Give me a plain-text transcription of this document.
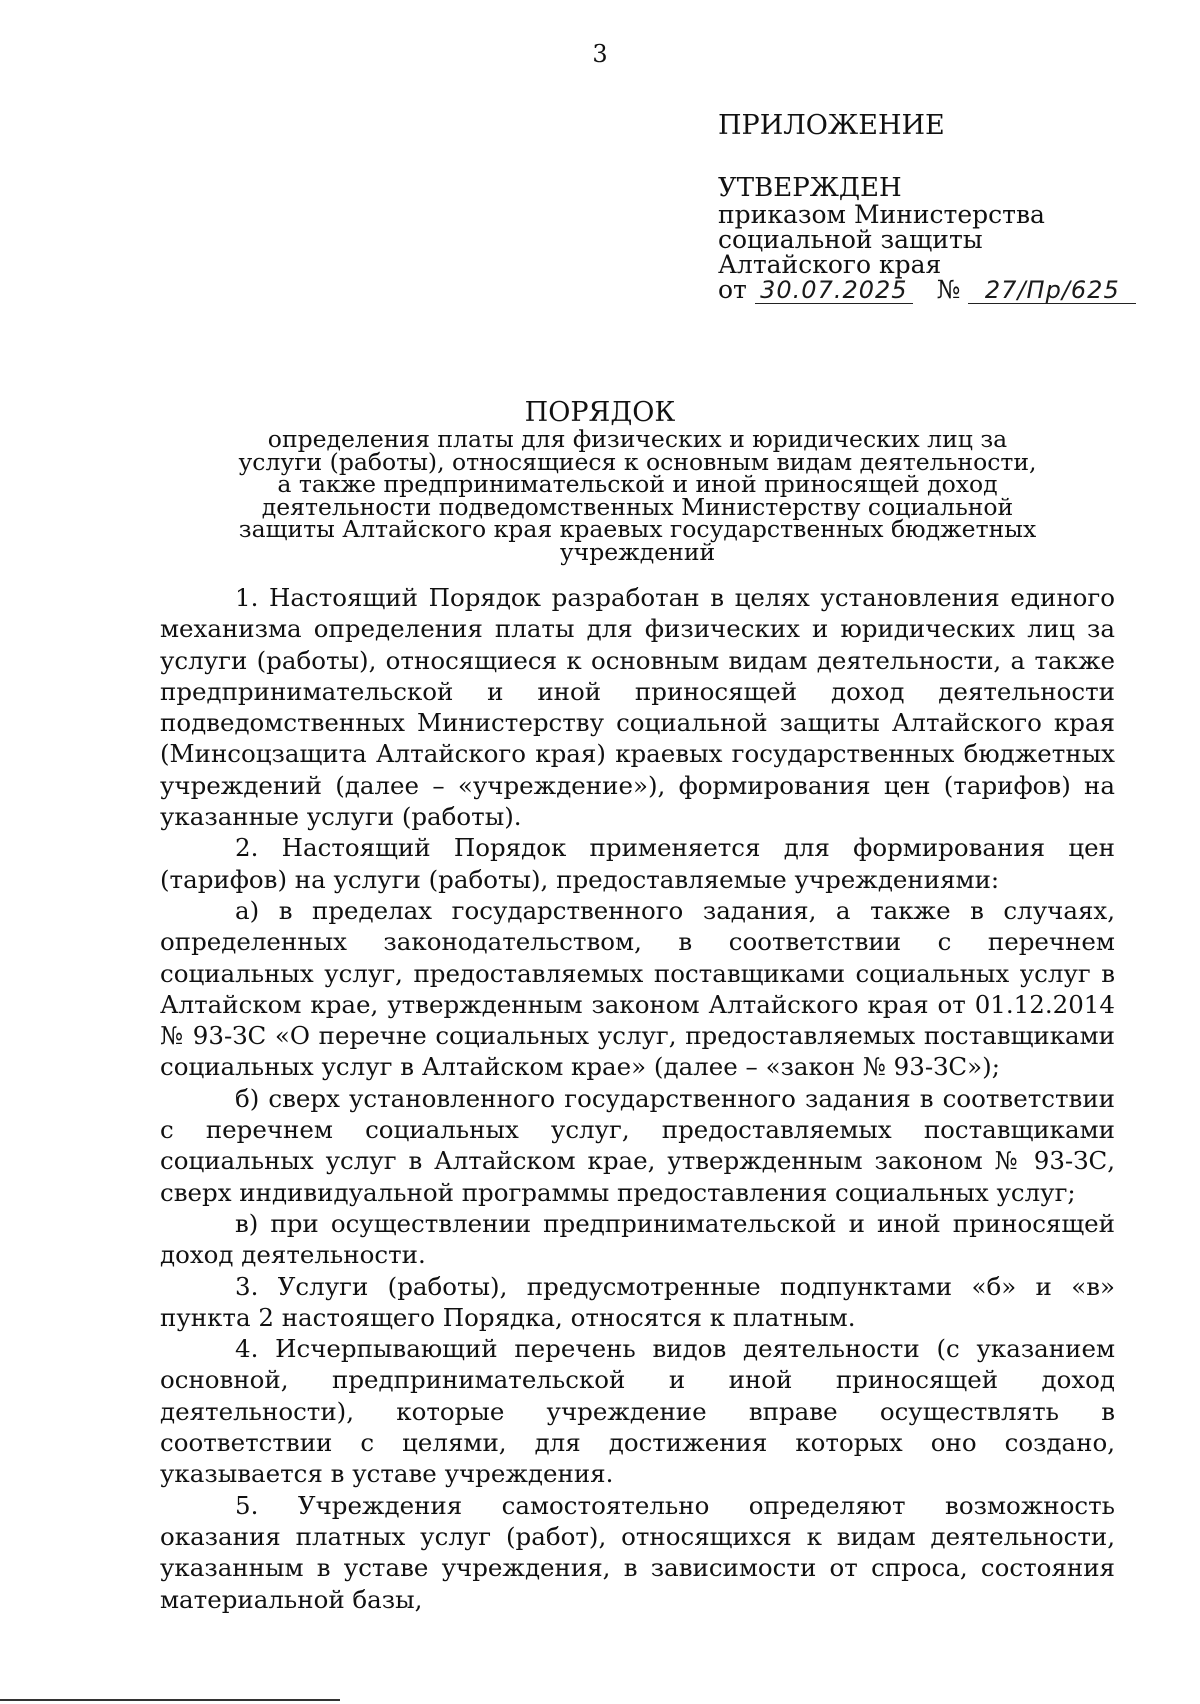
3
ПРИЛОЖЕНИЕ
УТВЕРЖДЕН
приказом Министерства
социальной защиты
Алтайского края
от 30.07.2025 № 27/Пр/625
ПОРЯДОК
определения платы для физических и юридических лиц за услуги (работы), относящиеся к основным видам деятельности, а также предпринимательской и иной приносящей доход деятельности подведомственных Министерству социальной защиты Алтайского края краевых государственных бюджетных учреждений

1. Настоящий Порядок разработан в целях установления единого механизма определения платы для физических и юридических лиц за услуги (работы), относящиеся к основным видам деятельности, а также предпринимательской и иной приносящей доход деятельности подведомственных Министерству социальной защиты Алтайского края (Минсоцзащита Алтайского края) краевых государственных бюджетных учреждений (далее – «учреждение»), формирования цен (тарифов) на указанные услуги (работы).

2. Настоящий Порядок применяется для формирования цен (тарифов) на услуги (работы), предоставляемые учреждениями:

а) в пределах государственного задания, а также в случаях, определенных законодательством, в соответствии с перечнем социальных услуг, предоставляемых поставщиками социальных услуг в Алтайском крае, утвержденным законом Алтайского края от 01.12.2014 № 93-ЗС «О перечне социальных услуг, предоставляемых поставщиками социальных услуг в Алтайском крае» (далее – «закон № 93-ЗС»);

б) сверх установленного государственного задания в соответствии с перечнем социальных услуг, предоставляемых поставщиками социальных услуг в Алтайском крае, утвержденным законом № 93-ЗС, сверх индивидуальной программы предоставления социальных услуг;

в) при осуществлении предпринимательской и иной приносящей доход деятельности.

3. Услуги (работы), предусмотренные подпунктами «б» и «в» пункта 2 настоящего Порядка, относятся к платным.

4. Исчерпывающий перечень видов деятельности (с указанием основной, предпринимательской и иной приносящей доход деятельности), которые учреждение вправе осуществлять в соответствии с целями, для достижения которых оно создано, указывается в уставе учреждения.

5. Учреждения самостоятельно определяют возможность оказания платных услуг (работ), относящихся к видам деятельности, указанным в уставе учреждения, в зависимости от спроса, состояния материальной базы,
